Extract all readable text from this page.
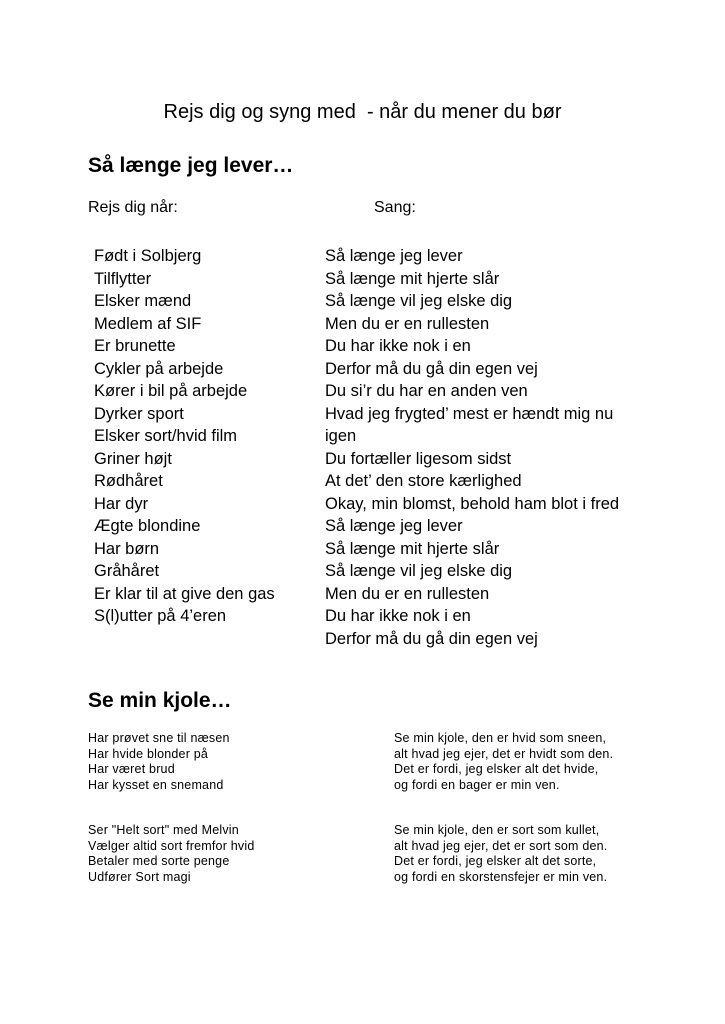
Rejs dig og syng med  - når du mener du bør
Så længe jeg lever…
Rejs dig når:	Sang:
Født i Solbjerg
Tilflytter
Elsker mænd
Medlem af SIF
Er brunette
Cykler på arbejde
Kører i bil på arbejde
Dyrker sport
Elsker sort/hvid film
Griner højt
Rødhåret
Har dyr
Ægte blondine
Har børn
Gråhåret
Er klar til at give den gas
S(l)utter på 4’eren
Så længe jeg lever
Så længe mit hjerte slår
Så længe vil jeg elske dig
Men du er en rullesten
Du har ikke nok i en
Derfor må du gå din egen vej
Du si’r du har en anden ven
Hvad jeg frygted’ mest er hændt mig nu
igen
Du fortæller ligesom sidst
At det’ den store kærlighed
Okay, min blomst, behold ham blot i fred
Så længe jeg lever
Så længe mit hjerte slår
Så længe vil jeg elske dig
Men du er en rullesten
Du har ikke nok i en
Derfor må du gå din egen vej
Se min kjole…
Har prøvet sne til næsen
Har hvide blonder på
Har været brud
Har kysset en snemand
Se min kjole, den er hvid som sneen,
alt hvad jeg ejer, det er hvidt som den.
Det er fordi, jeg elsker alt det hvide,
og fordi en bager er min ven.
Ser "Helt sort" med Melvin
Vælger altid sort fremfor hvid
Betaler med sorte penge
Udfører Sort magi
Se min kjole, den er sort som kullet,
alt hvad jeg ejer, det er sort som den.
Det er fordi, jeg elsker alt det sorte,
og fordi en skorstensfejer er min ven.
